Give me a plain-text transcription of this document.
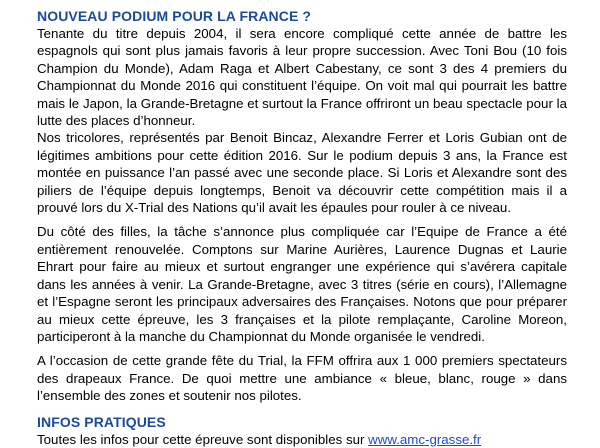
NOUVEAU PODIUM POUR LA FRANCE ?

Tenante du titre depuis 2004, il sera encore compliqué cette année de battre les espagnols qui sont plus jamais favoris à leur propre succession. Avec Toni Bou (10 fois Champion du Monde), Adam Raga et Albert Cabestany, ce sont 3 des 4 premiers du Championnat du Monde 2016 qui constituent l’équipe. On voit mal qui pourrait les battre mais le Japon, la Grande-Bretagne et surtout la France offriront un beau spectacle pour la lutte des places d’honneur.

Nos tricolores, représentés par Benoit Bincaz, Alexandre Ferrer et Loris Gubian ont de légitimes ambitions pour cette édition 2016. Sur le podium depuis 3 ans, la France est montée en puissance l’an passé avec une seconde place. Si Loris et Alexandre sont des piliers de l’équipe depuis longtemps, Benoit va découvrir cette compétition mais il a prouvé lors du X-Trial des Nations qu’il avait les épaules pour rouler à ce niveau.

Du côté des filles, la tâche s’annonce plus compliquée car l’Equipe de France a été entièrement renouvelée. Comptons sur Marine Aurières, Laurence Dugnas et Laurie Ehrart pour faire au mieux et surtout engranger une expérience qui s’avérera capitale dans les années à venir. La Grande-Bretagne, avec 3 titres (série en cours), l’Allemagne et l’Espagne seront les principaux adversaires des Françaises. Notons que pour préparer au mieux cette épreuve, les 3 françaises et la pilote remplaçante, Caroline Moreon, participeront à la manche du Championnat du Monde organisée le vendredi.

A l’occasion de cette grande fête du Trial, la FFM offrira aux 1 000 premiers spectateurs des drapeaux France. De quoi mettre une ambiance « bleue, blanc, rouge » dans l’ensemble des zones et soutenir nos pilotes.

INFOS PRATIQUES
Toutes les infos pour cette épreuve sont disponibles sur www.amc-grasse.fr
